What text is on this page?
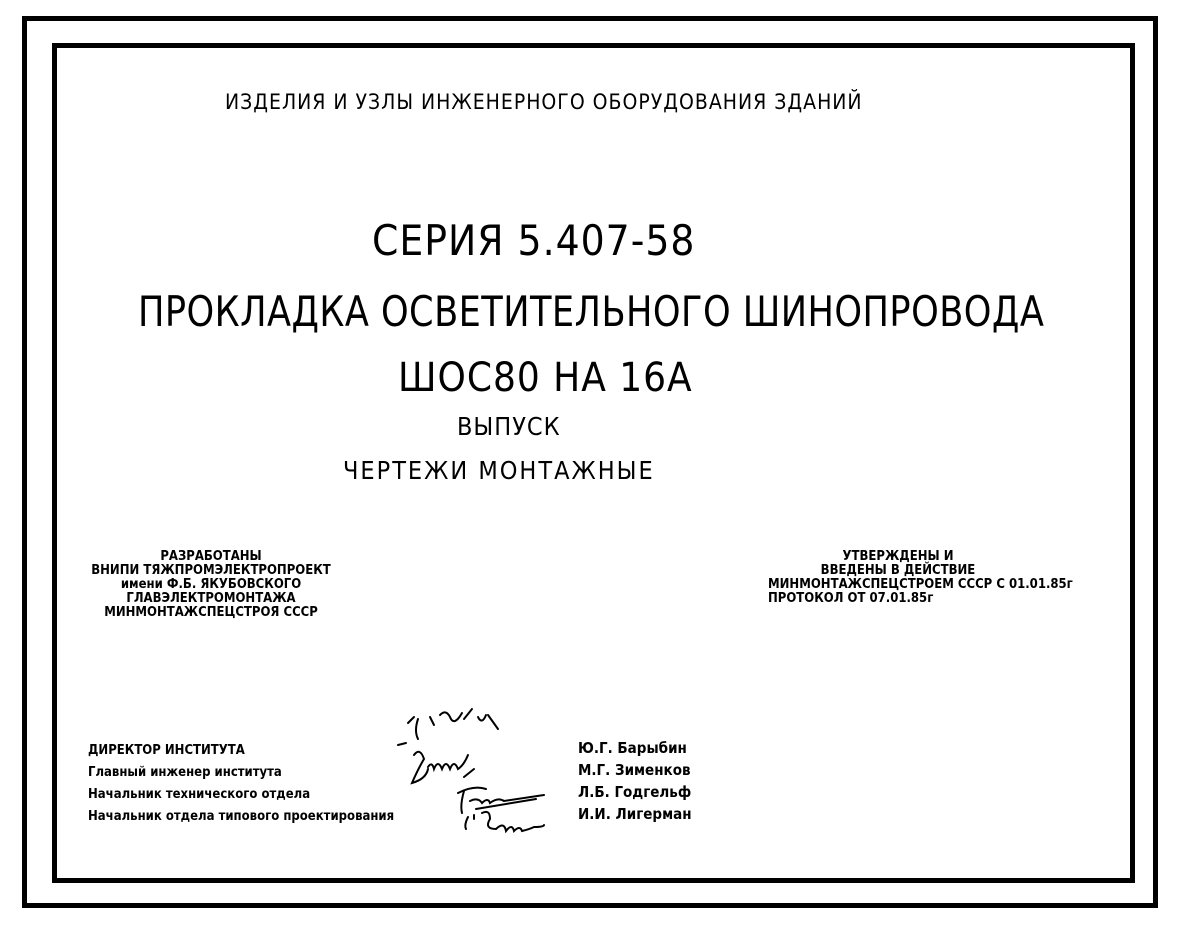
ИЗДЕЛИЯ И УЗЛЫ ИНЖЕНЕРНОГО ОБОРУДОВАНИЯ ЗДАНИЙ
СЕРИЯ 5.407-58
ПРОКЛАДКА ОСВЕТИТЕЛЬНОГО ШИНОПРОВОДА
ШОС80 НА 16А
ВЫПУСК
ЧЕРТЕЖИ МОНТАЖНЫЕ
РАЗРАБОТАНЫ
ВНИПИ ТЯЖПРОМЭЛЕКТРОПРОЕКТ
имени Ф.Б. ЯКУБОВСКОГО
ГЛАВЭЛЕКТРОМОНТАЖА
МИНМОНТАЖСПЕЦСТРОЯ СССР
УТВЕРЖДЕНЫ И
ВВЕДЕНЫ В ДЕЙСТВИЕ
МИНМОНТАЖСПЕЦСТРОЕМ СССР С 01.01.85г
ПРОТОКОЛ ОТ 07.01.85г
ДИРЕКТОР ИНСТИТУТА
Главный инженер института
Начальник технического отдела
Начальник отдела типового проектирования
Ю.Г. Барыбин
М.Г. Зименков
Л.Б. Годгельф
И.И. Лигерман
